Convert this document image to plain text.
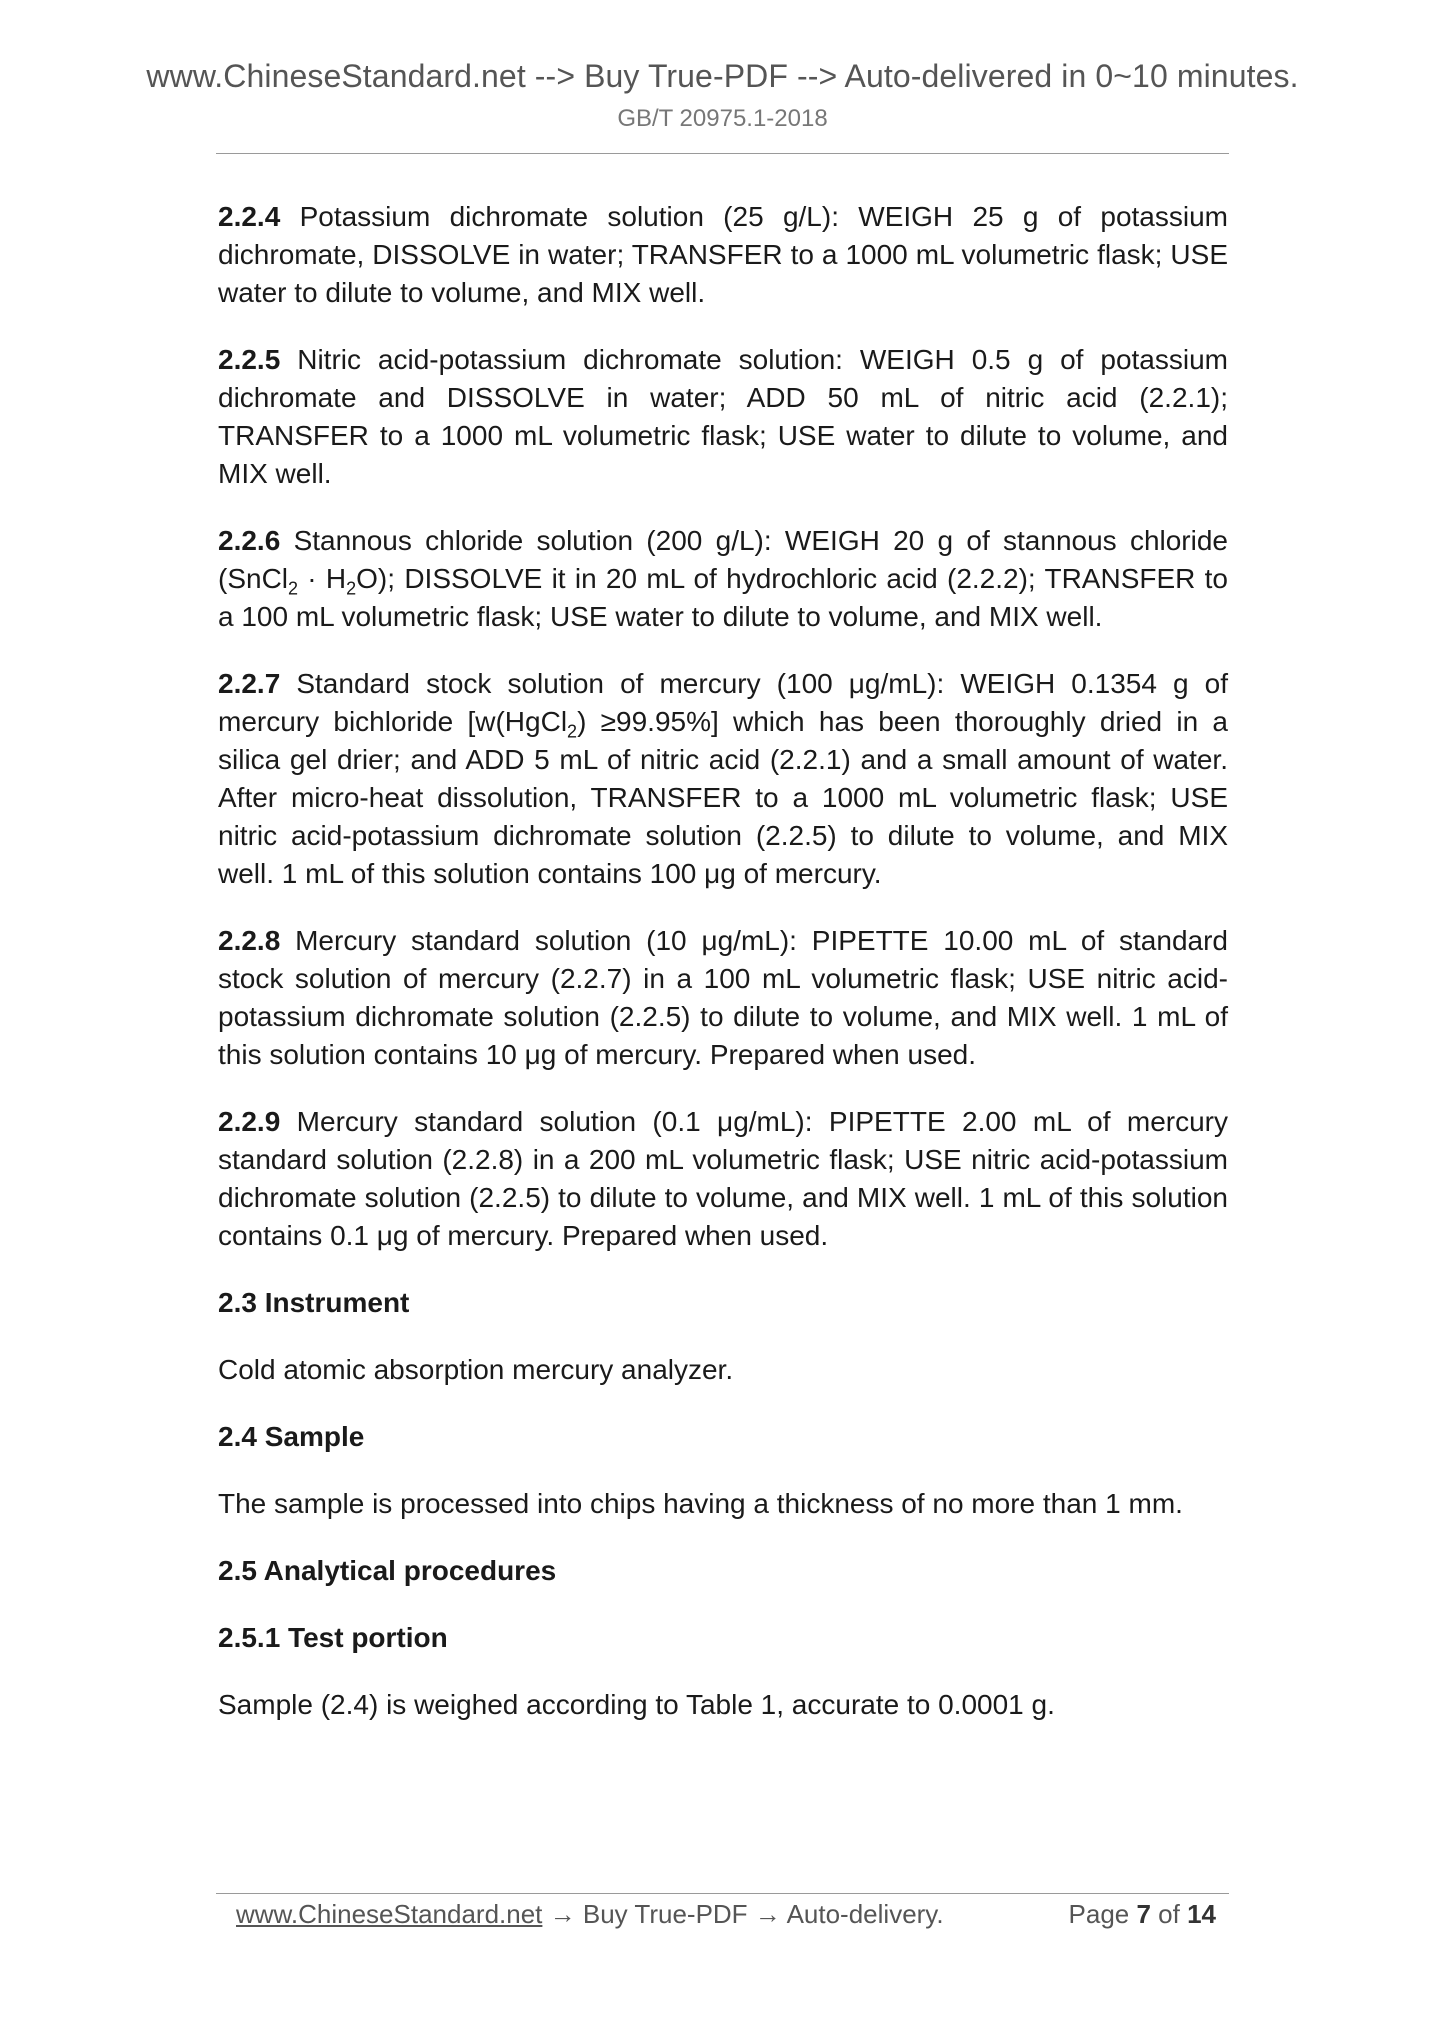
www.ChineseStandard.net --> Buy True-PDF --> Auto-delivered in 0~10 minutes.
GB/T 20975.1-2018

2.2.4 Potassium dichromate solution (25 g/L): WEIGH 25 g of potassium dichromate, DISSOLVE in water; TRANSFER to a 1000 mL volumetric flask; USE water to dilute to volume, and MIX well.

2.2.5 Nitric acid-potassium dichromate solution: WEIGH 0.5 g of potassium dichromate and DISSOLVE in water; ADD 50 mL of nitric acid (2.2.1); TRANSFER to a 1000 mL volumetric flask; USE water to dilute to volume, and MIX well.

2.2.6 Stannous chloride solution (200 g/L): WEIGH 20 g of stannous chloride (SnCl$_2$ · $H_2O$); DISSOLVE it in 20 mL of hydrochloric acid (2.2.2); TRANSFER to a 100 mL volumetric flask; USE water to dilute to volume, and MIX well.

2.2.7 Standard stock solution of mercury (100 μg/mL): WEIGH 0.1354 g of mercury bichloride [w(HgCl$_2$) ≥99.95%] which has been thoroughly dried in a silica gel drier; and ADD 5 mL of nitric acid (2.2.1) and a small amount of water. After micro-heat dissolution, TRANSFER to a 1000 mL volumetric flask; USE nitric acid-potassium dichromate solution (2.2.5) to dilute to volume, and MIX well. 1 mL of this solution contains 100 μg of mercury.

2.2.8 Mercury standard solution (10 μg/mL): PIPETTE 10.00 mL of standard stock solution of mercury (2.2.7) in a 100 mL volumetric flask; USE nitric acid-potassium dichromate solution (2.2.5) to dilute to volume, and MIX well. 1 mL of this solution contains 10 μg of mercury. Prepared when used.

2.2.9 Mercury standard solution (0.1 μg/mL): PIPETTE 2.00 mL of mercury standard solution (2.2.8) in a 200 mL volumetric flask; USE nitric acid-potassium dichromate solution (2.2.5) to dilute to volume, and MIX well. 1 mL of this solution contains 0.1 μg of mercury. Prepared when used.

2.3 Instrument

Cold atomic absorption mercury analyzer.

2.4 Sample

The sample is processed into chips having a thickness of no more than 1 mm.

2.5 Analytical procedures

2.5.1 Test portion

Sample (2.4) is weighed according to Table 1, accurate to 0.0001 g.

www.ChineseStandard.net → Buy True-PDF → Auto-delivery.	Page 7 of 14
